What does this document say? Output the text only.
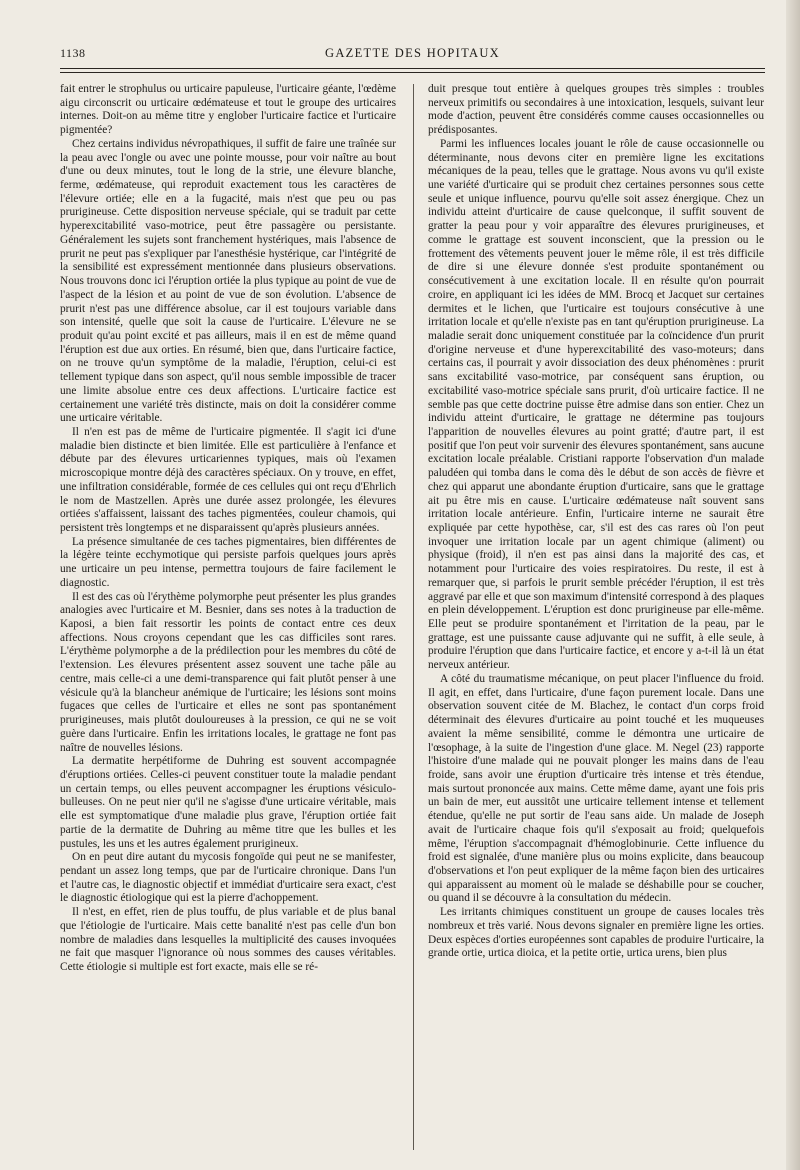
1138	GAZETTE DES HOPITAUX

fait entrer le strophulus ou urticaire papuleuse, l'urticaire géante, l'œdème aigu circonscrit ou urticaire œdémateuse et tout le groupe des urticaires internes. Doit-on au même titre y englober l'urticaire factice et l'urticaire pigmentée?

Chez certains individus névropathiques, il suffit de faire une traînée sur la peau avec l'ongle ou avec une pointe mousse, pour voir naître au bout d'une ou deux minutes, tout le long de la strie, une élevure blanche, ferme, œdémateuse, qui reproduit exactement tous les caractères de l'élevure ortiée; elle en a la fugacité, mais n'est que peu ou pas prurigineuse. Cette disposition nerveuse spéciale, qui se traduit par cette hyperexcitabilité vaso-motrice, peut être passagère ou persistante. Généralement les sujets sont franchement hystériques, mais l'absence de prurit ne peut pas s'expliquer par l'anesthésie hystérique, car l'intégrité de la sensibilité est expressément mentionnée dans plusieurs observations. Nous trouvons donc ici l'éruption ortiée la plus typique au point de vue de l'aspect de la lésion et au point de vue de son évolution. L'absence de prurit n'est pas une différence absolue, car il est toujours variable dans son intensité, quelle que soit la cause de l'urticaire. L'élevure ne se produit qu'au point excité et pas ailleurs, mais il en est de même quand l'éruption est due aux orties. En résumé, bien que, dans l'urticaire factice, on ne trouve qu'un symptôme de la maladie, l'éruption, celui-ci est tellement typique dans son aspect, qu'il nous semble impossible de tracer une limite absolue entre ces deux affections. L'urticaire factice est certainement une variété très distincte, mais on doit la considérer comme une urticaire véritable.

Il n'en est pas de même de l'urticaire pigmentée. Il s'agit ici d'une maladie bien distincte et bien limitée. Elle est particulière à l'enfance et débute par des élevures urticariennes typiques, mais où l'examen microscopique montre déjà des caractères spéciaux. On y trouve, en effet, une infiltration considérable, formée de ces cellules qui ont reçu d'Ehrlich le nom de Mastzellen. Après une durée assez prolongée, les élevures ortiées s'affaissent, laissant des taches pigmentées, couleur chamois, qui persistent très longtemps et ne disparaissent qu'après plusieurs années.

La présence simultanée de ces taches pigmentaires, bien différentes de la légère teinte ecchymotique qui persiste parfois quelques jours après une urticaire un peu intense, permettra toujours de faire facilement le diagnostic.

Il est des cas où l'érythème polymorphe peut présenter les plus grandes analogies avec l'urticaire et M. Besnier, dans ses notes à la traduction de Kaposi, a bien fait ressortir les points de contact entre ces deux affections. Nous croyons cependant que les cas difficiles sont rares. L'érythème polymorphe a de la prédilection pour les membres du côté de l'extension. Les élevures présentent assez souvent une tache pâle au centre, mais celle-ci a une demi-transparence qui fait plutôt penser à une vésicule qu'à la blancheur anémique de l'urticaire; les lésions sont moins fugaces que celles de l'urticaire et elles ne sont pas spontanément prurigineuses, mais plutôt douloureuses à la pression, ce qui ne se voit guère dans l'urticaire. Enfin les irritations locales, le grattage ne font pas naître de nouvelles lésions.

La dermatite herpétiforme de Duhring est souvent accompagnée d'éruptions ortiées. Celles-ci peuvent constituer toute la maladie pendant un certain temps, ou elles peuvent accompagner les éruptions vésiculo-bulleuses. On ne peut nier qu'il ne s'agisse d'une urticaire véritable, mais elle est symptomatique d'une maladie plus grave, l'éruption ortiée fait partie de la dermatite de Duhring au même titre que les bulles et les pustules, les uns et les autres également prurigineux.

On en peut dire autant du mycosis fongoïde qui peut ne se manifester, pendant un assez long temps, que par de l'urticaire chronique. Dans l'un et l'autre cas, le diagnostic objectif et immédiat d'urticaire sera exact, c'est le diagnostic étiologique qui est la pierre d'achoppement.

Il n'est, en effet, rien de plus touffu, de plus variable et de plus banal que l'étiologie de l'urticaire. Mais cette banalité n'est pas celle d'un bon nombre de maladies dans lesquelles la multiplicité des causes invoquées ne fait que masquer l'ignorance où nous sommes des causes véritables. Cette étiologie si multiple est fort exacte, mais elle se ré-

duit presque tout entière à quelques groupes très simples : troubles nerveux primitifs ou secondaires à une intoxication, lesquels, suivant leur mode d'action, peuvent être considérés comme causes occasionnelles ou prédisposantes.

Parmi les influences locales jouant le rôle de cause occasionnelle ou déterminante, nous devons citer en première ligne les excitations mécaniques de la peau, telles que le grattage. Nous avons vu qu'il existe une variété d'urticaire qui se produit chez certaines personnes sous cette seule et unique influence, pourvu qu'elle soit assez énergique. Chez un individu atteint d'urticaire de cause quelconque, il suffit souvent de gratter la peau pour y voir apparaître des élevures prurigineuses, et comme le grattage est souvent inconscient, que la pression ou le frottement des vêtements peuvent jouer le même rôle, il est très difficile de dire si une élevure donnée s'est produite spontanément ou consécutivement à une excitation locale. Il en résulte qu'on pourrait croire, en appliquant ici les idées de MM. Brocq et Jacquet sur certaines dermites et le lichen, que l'urticaire est toujours consécutive à une irritation locale et qu'elle n'existe pas en tant qu'éruption prurigineuse. La maladie serait donc uniquement constituée par la coïncidence d'un prurit d'origine nerveuse et d'une hyperexcitabilité des vaso-moteurs; dans certains cas, il pourrait y avoir dissociation des deux phénomènes : prurit sans excitabilité vaso-motrice, par conséquent sans éruption, ou excitabilité vaso-motrice spéciale sans prurit, d'où urticaire factice. Il ne semble pas que cette doctrine puisse être admise dans son entier. Chez un individu atteint d'urticaire, le grattage ne détermine pas toujours l'apparition de nouvelles élevures au point gratté; d'autre part, il est positif que l'on peut voir survenir des élevures spontanément, sans aucune excitation locale préalable. Cristiani rapporte l'observation d'un malade paludéen qui tomba dans le coma dès le début de son accès de fièvre et chez qui apparut une abondante éruption d'urticaire, sans que le grattage ait pu être mis en cause. L'urticaire œdémateuse naît souvent sans irritation locale antérieure. Enfin, l'urticaire interne ne saurait être expliquée par cette hypothèse, car, s'il est des cas rares où l'on peut invoquer une irritation locale par un agent chimique (aliment) ou physique (froid), il n'en est pas ainsi dans la majorité des cas, et notamment pour l'urticaire des voies respiratoires. Du reste, il est à remarquer que, si parfois le prurit semble précéder l'éruption, il est très aggravé par elle et que son maximum d'intensité correspond à des plaques en plein développement. L'éruption est donc prurigineuse par elle-même. Elle peut se produire spontanément et l'irritation de la peau, par le grattage, est une puissante cause adjuvante qui ne suffit, à elle seule, à produire l'éruption que dans l'urticaire factice, et encore y a-t-il là un état nerveux antérieur.

A côté du traumatisme mécanique, on peut placer l'influence du froid. Il agit, en effet, dans l'urticaire, d'une façon purement locale. Dans une observation souvent citée de M. Blachez, le contact d'un corps froid déterminait des élevures d'urticaire au point touché et les muqueuses avaient la même sensibilité, comme le démontra une urticaire de l'œsophage, à la suite de l'ingestion d'une glace. M. Negel (23) rapporte l'histoire d'une malade qui ne pouvait plonger les mains dans de l'eau froide, sans avoir une éruption d'urticaire très intense et très étendue, mais surtout prononcée aux mains. Cette même dame, ayant une fois pris un bain de mer, eut aussitôt une urticaire tellement intense et tellement étendue, qu'elle ne put sortir de l'eau sans aide. Un malade de Joseph avait de l'urticaire chaque fois qu'il s'exposait au froid; quelquefois même, l'éruption s'accompagnait d'hémoglobinurie. Cette influence du froid est signalée, d'une manière plus ou moins explicite, dans beaucoup d'observations et l'on peut expliquer de la même façon bien des urticaires qui apparaissent au moment où le malade se déshabille pour se coucher, ou quand il se découvre à la consultation du médecin.

Les irritants chimiques constituent un groupe de causes locales très nombreux et très varié. Nous devons signaler en première ligne les orties. Deux espèces d'orties européennes sont capables de produire l'urticaire, la grande ortie, urtica dioica, et la petite ortie, urtica urens, bien plus
